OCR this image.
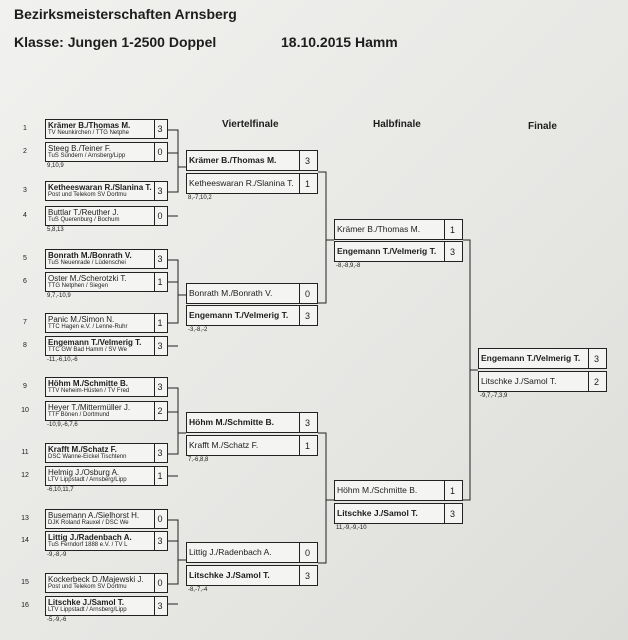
Bezirksmeisterschaften Arnsberg
Klasse: Jungen 1-2500 Doppel	18.10.2015 Hamm
Viertelfinale	Halbfinale	Finale
1	Krämer B./Thomas M.
TV Neunkirchen / TTG Netphe	3
2	Steeg B./Teiner F.
TuS Sundern / Arnsberg/Lipp	0
9,10,9
3	Ketheeswaran R./Slanina T.
Post und Telekom SV Dortmu	3
4	Buttlar T./Reuther J.
TuS Querenburg / Bochum	0
5,8,13
5	Bonrath M./Bonrath V.
TuS Neuenrade / Lüdenschei	3
6	Oster M./Scherotzki T.
TTG Netphen / Siegen	1
9,7,-10,9
7	Panic M./Simon N.
TTC Hagen e.V. / Lenne-Ruhr	1
8	Engemann T./Velmerig T.
TTC GW Bad Hamm / SV We	3
-11,-6,10,-6
9	Höhm M./Schmitte B.
TTV Neheim-Hüsten / TV Fred	3
10	Heyer T./Mittermüller J.
TTF Bönen / Dortmund	2
-10,9,-6,7,6
11	Krafft M./Schatz F.
DSC Wanne-Eickel Tischtenn	3
12	Helmig J./Osburg A.
LTV Lippstadt / Arnsberg/Lipp	1
-6,10,11,7
13	Busemann A./Sielhorst H.
DJK Roland Rauxel / DSC We	0
14	Littig J./Radenbach A.
TuS Ferndorf 1888 e.V. / TV L	3
-9,-8,-9
15	Kockerbeck D./Majewski J.
Post und Telekom SV Dortmu	0
16	Litschke J./Samol T.
LTV Lippstadt / Arnsberg/Lipp	3
-5,-9,-6
Krämer B./Thomas M.	3
Ketheeswaran R./Slanina T.	1
8,-7,10,2
Bonrath M./Bonrath V.	0
Engemann T./Velmerig T.	3
-3,-8,-2
Höhm M./Schmitte B.	3
Krafft M./Schatz F.	1
7,-6,8,8
Littig J./Radenbach A.	0
Litschke J./Samol T.	3
-8,-7,-4
Krämer B./Thomas M.	1
Engemann T./Velmerig T.	3
-8,-8,9,-8
Höhm M./Schmitte B.	1
Litschke J./Samol T.	3
11,-9,-9,-10
Engemann T./Velmerig T.	3
Litschke J./Samol T.	2
-9,7,-7,3,9
